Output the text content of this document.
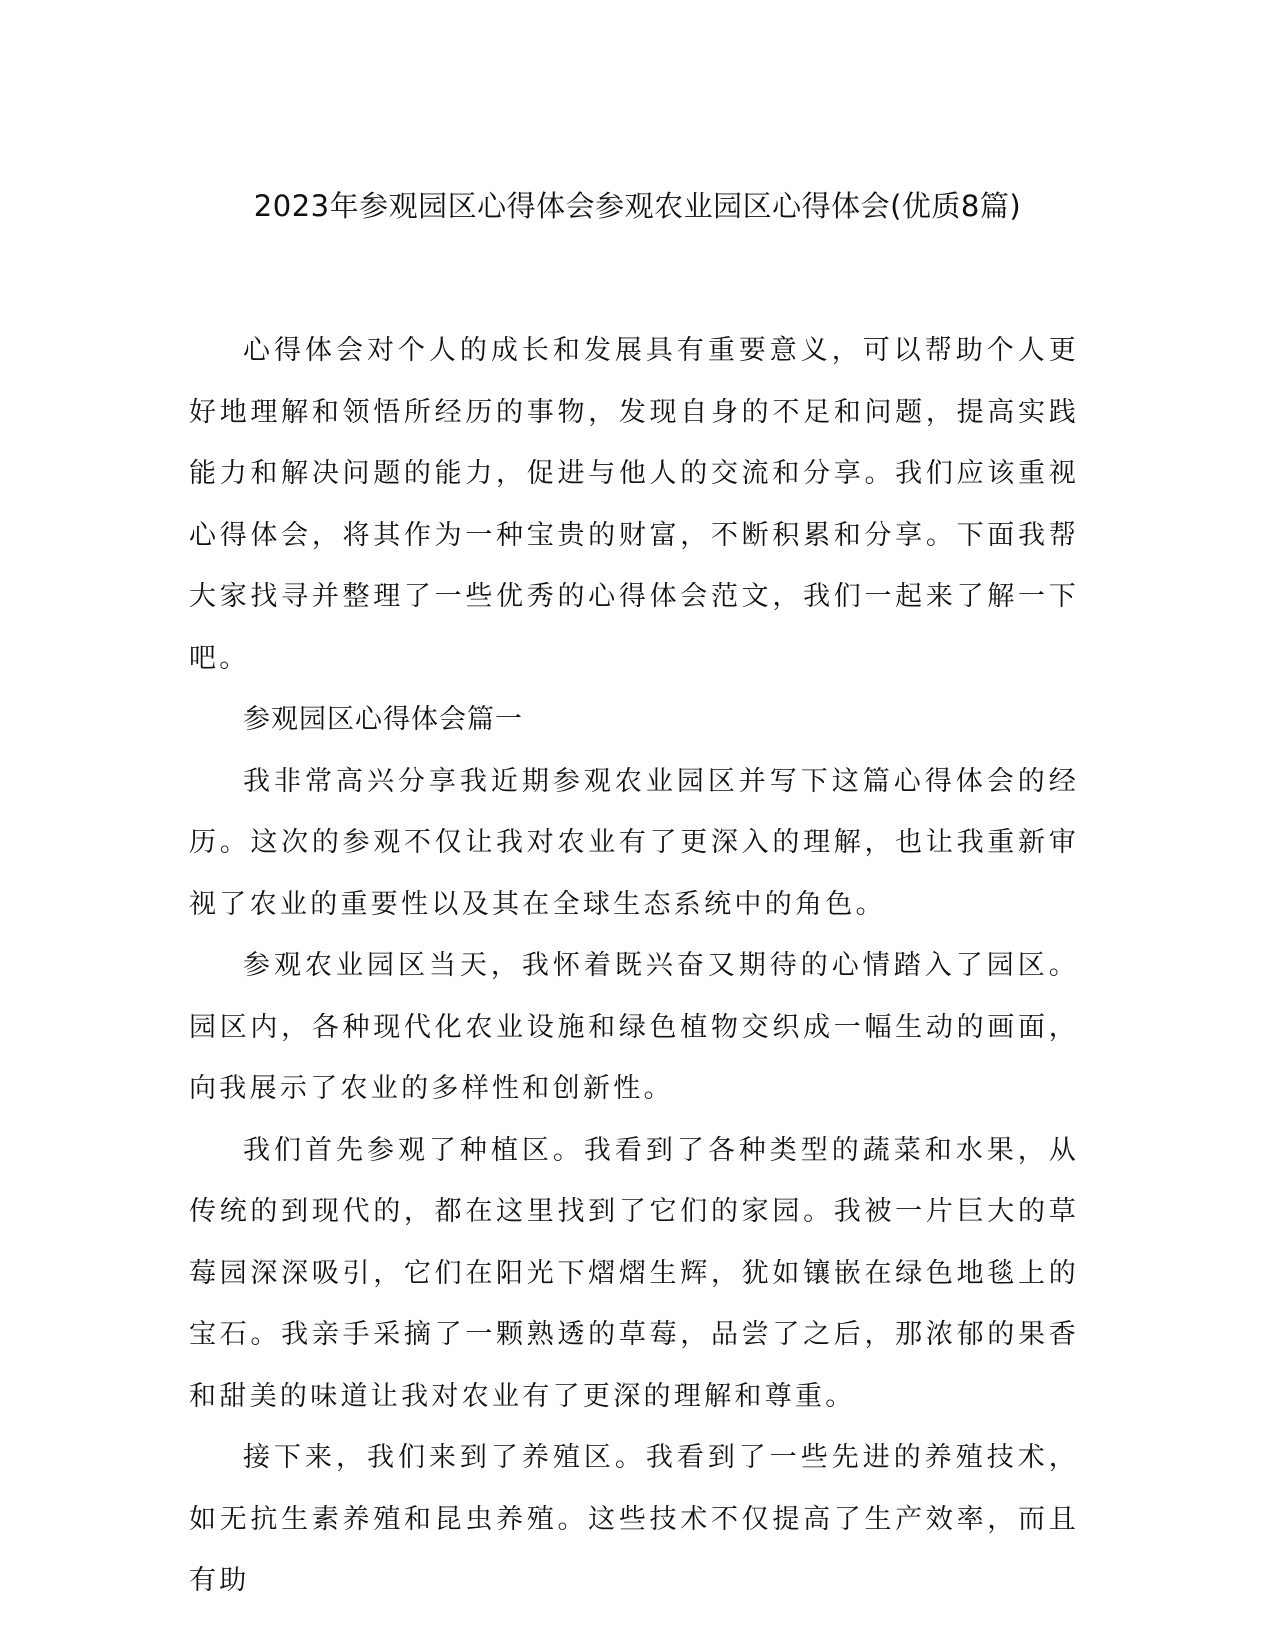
2023年参观园区心得体会参观农业园区心得体会(优质8篇)

心得体会对个人的成长和发展具有重要意义，可以帮助个人更好地理解和领悟所经历的事物，发现自身的不足和问题，提高实践能力和解决问题的能力，促进与他人的交流和分享。我们应该重视心得体会，将其作为一种宝贵的财富，不断积累和分享。下面我帮大家找寻并整理了一些优秀的心得体会范文，我们一起来了解一下吧。

参观园区心得体会篇一

我非常高兴分享我近期参观农业园区并写下这篇心得体会的经历。这次的参观不仅让我对农业有了更深入的理解，也让我重新审视了农业的重要性以及其在全球生态系统中的角色。

参观农业园区当天，我怀着既兴奋又期待的心情踏入了园区。园区内，各种现代化农业设施和绿色植物交织成一幅生动的画面，向我展示了农业的多样性和创新性。

我们首先参观了种植区。我看到了各种类型的蔬菜和水果，从传统的到现代的，都在这里找到了它们的家园。我被一片巨大的草莓园深深吸引，它们在阳光下熠熠生辉，犹如镶嵌在绿色地毯上的宝石。我亲手采摘了一颗熟透的草莓，品尝了之后，那浓郁的果香和甜美的味道让我对农业有了更深的理解和尊重。

接下来，我们来到了养殖区。我看到了一些先进的养殖技术，如无抗生素养殖和昆虫养殖。这些技术不仅提高了生产效率，而且有助
